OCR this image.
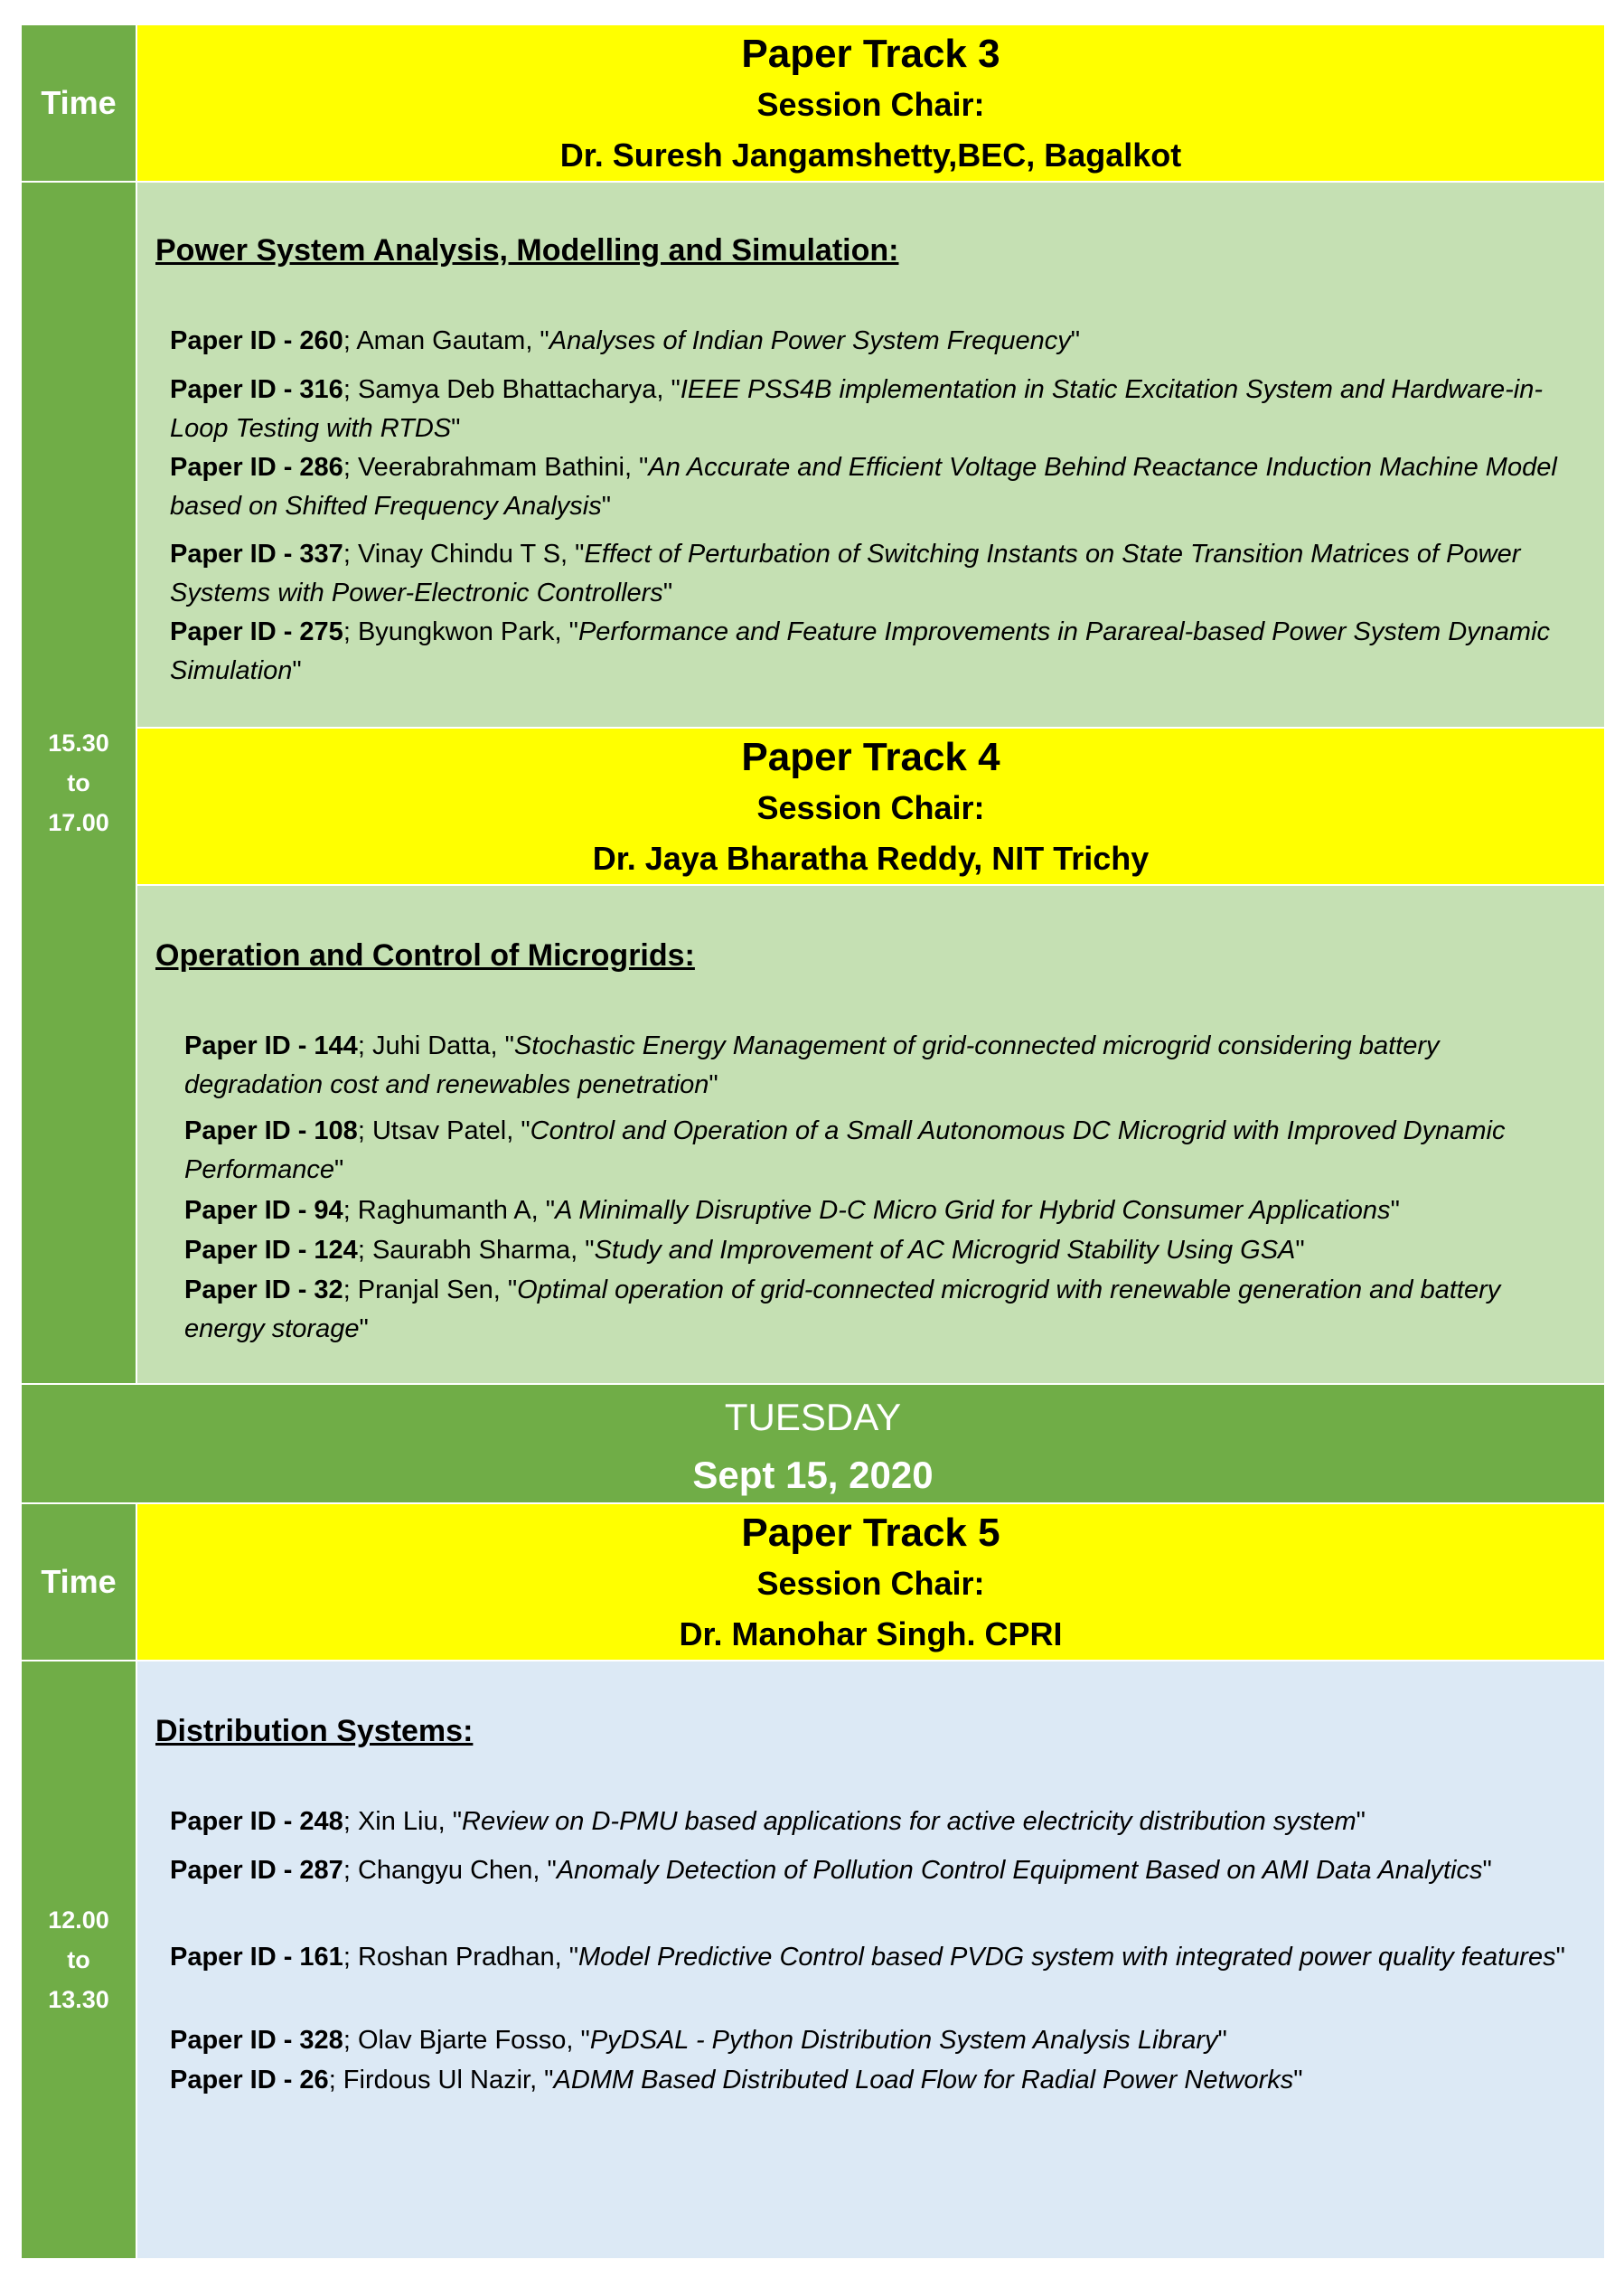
Time
Paper Track 3
Session Chair:
Dr. Suresh Jangamshetty,BEC, Bagalkot
15.30
to
17.00
Power System Analysis, Modelling and Simulation:
Paper ID - 260; Aman Gautam, "Analyses of Indian Power System Frequency"
Paper ID - 316; Samya Deb Bhattacharya, "IEEE PSS4B implementation in Static Excitation System and Hardware-in-Loop Testing with RTDS"
Paper ID - 286; Veerabrahmam Bathini, "An Accurate and Efficient Voltage Behind Reactance Induction Machine Model based on Shifted Frequency Analysis"
Paper ID - 337; Vinay Chindu T S, "Effect of Perturbation of Switching Instants on State Transition Matrices of Power Systems with Power-Electronic Controllers"
Paper ID - 275; Byungkwon Park, "Performance and Feature Improvements in Parareal-based Power System Dynamic Simulation"
Paper Track 4
Session Chair:
Dr. Jaya Bharatha Reddy, NIT Trichy
Operation and Control of Microgrids:
Paper ID - 144; Juhi Datta, "Stochastic Energy Management of grid-connected microgrid considering battery degradation cost and renewables penetration"
Paper ID - 108; Utsav Patel, "Control and Operation of a Small Autonomous DC Microgrid with Improved Dynamic Performance"
Paper ID - 94; Raghumanth A, "A Minimally Disruptive D-C Micro Grid for Hybrid Consumer Applications"
Paper ID - 124; Saurabh Sharma, "Study and Improvement of AC Microgrid Stability Using GSA"
Paper ID - 32; Pranjal Sen, "Optimal operation of grid-connected microgrid with renewable generation and battery energy storage"
TUESDAY
Sept 15, 2020
Time
Paper Track 5
Session Chair:
Dr. Manohar Singh. CPRI
12.00
to
13.30
Distribution Systems:
Paper ID - 248; Xin Liu, "Review on D-PMU based applications for active electricity distribution system"
Paper ID - 287; Changyu Chen, "Anomaly Detection of Pollution Control Equipment Based on AMI Data Analytics"
Paper ID - 161; Roshan Pradhan, "Model Predictive Control based PVDG system with integrated power quality features"
Paper ID - 328; Olav Bjarte Fosso, "PyDSAL - Python Distribution System Analysis Library"
Paper ID - 26; Firdous Ul Nazir, "ADMM Based Distributed Load Flow for Radial Power Networks"
